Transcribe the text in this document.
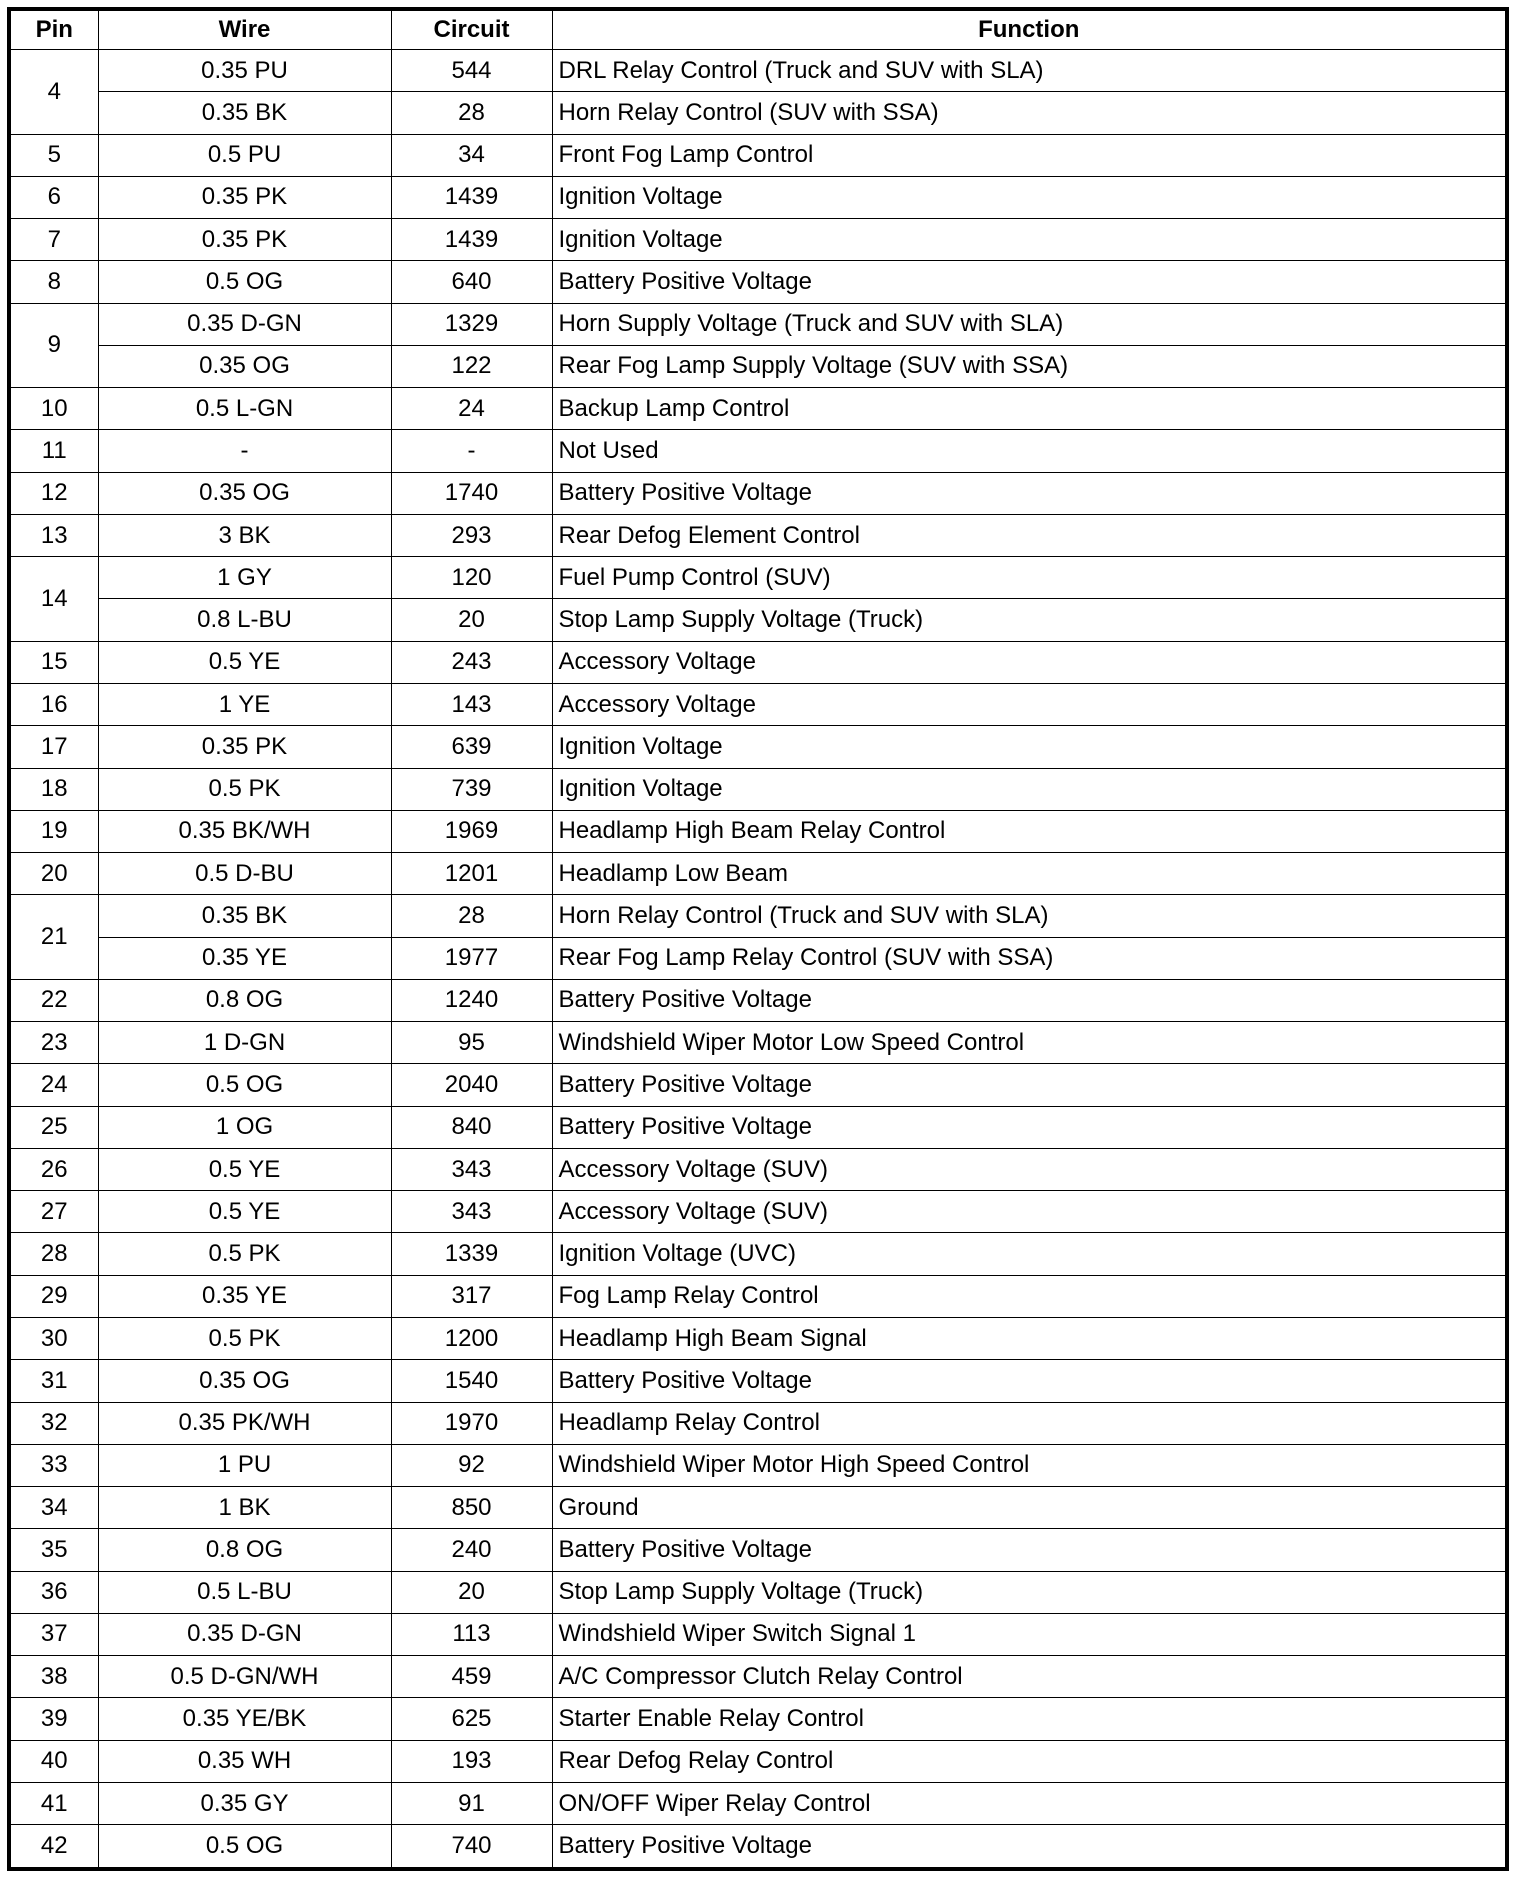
Pin	Wire	Circuit	Function
4	0.35 PU	544	DRL Relay Control (Truck and SUV with SLA)
	0.35 BK	28	Horn Relay Control (SUV with SSA)
5	0.5 PU	34	Front Fog Lamp Control
6	0.35 PK	1439	Ignition Voltage
7	0.35 PK	1439	Ignition Voltage
8	0.5 OG	640	Battery Positive Voltage
9	0.35 D-GN	1329	Horn Supply Voltage (Truck and SUV with SLA)
	0.35 OG	122	Rear Fog Lamp Supply Voltage (SUV with SSA)
10	0.5 L-GN	24	Backup Lamp Control
11	-	-	Not Used
12	0.35 OG	1740	Battery Positive Voltage
13	3 BK	293	Rear Defog Element Control
14	1 GY	120	Fuel Pump Control (SUV)
	0.8 L-BU	20	Stop Lamp Supply Voltage (Truck)
15	0.5 YE	243	Accessory Voltage
16	1 YE	143	Accessory Voltage
17	0.35 PK	639	Ignition Voltage
18	0.5 PK	739	Ignition Voltage
19	0.35 BK/WH	1969	Headlamp High Beam Relay Control
20	0.5 D-BU	1201	Headlamp Low Beam
21	0.35 BK	28	Horn Relay Control (Truck and SUV with SLA)
	0.35 YE	1977	Rear Fog Lamp Relay Control (SUV with SSA)
22	0.8 OG	1240	Battery Positive Voltage
23	1 D-GN	95	Windshield Wiper Motor Low Speed Control
24	0.5 OG	2040	Battery Positive Voltage
25	1 OG	840	Battery Positive Voltage
26	0.5 YE	343	Accessory Voltage (SUV)
27	0.5 YE	343	Accessory Voltage (SUV)
28	0.5 PK	1339	Ignition Voltage (UVC)
29	0.35 YE	317	Fog Lamp Relay Control
30	0.5 PK	1200	Headlamp High Beam Signal
31	0.35 OG	1540	Battery Positive Voltage
32	0.35 PK/WH	1970	Headlamp Relay Control
33	1 PU	92	Windshield Wiper Motor High Speed Control
34	1 BK	850	Ground
35	0.8 OG	240	Battery Positive Voltage
36	0.5 L-BU	20	Stop Lamp Supply Voltage (Truck)
37	0.35 D-GN	113	Windshield Wiper Switch Signal 1
38	0.5 D-GN/WH	459	A/C Compressor Clutch Relay Control
39	0.35 YE/BK	625	Starter Enable Relay Control
40	0.35 WH	193	Rear Defog Relay Control
41	0.35 GY	91	ON/OFF Wiper Relay Control
42	0.5 OG	740	Battery Positive Voltage
